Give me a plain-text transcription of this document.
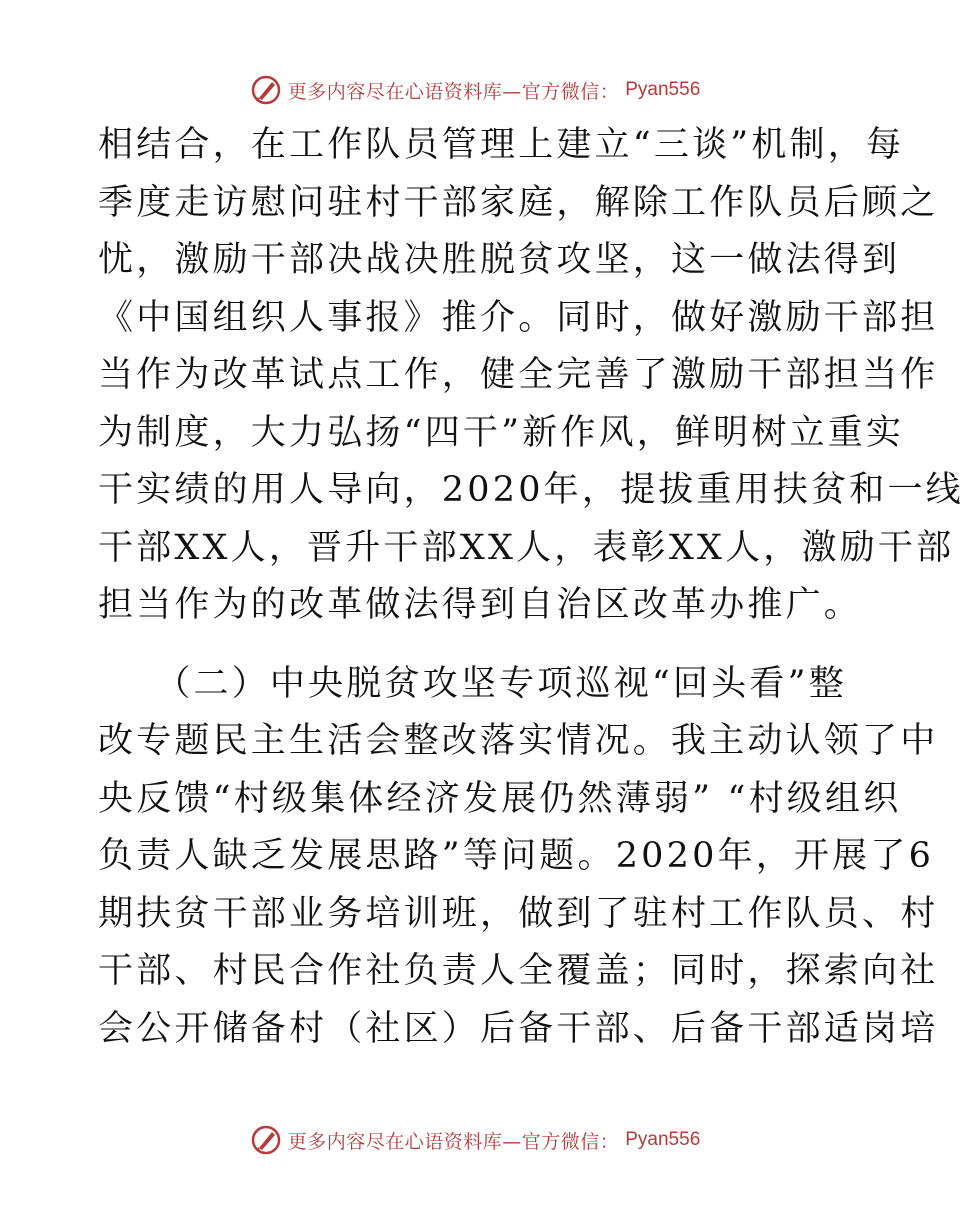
更多内容尽在心语资料库—官方微信： Pyan556
相结合，在工作队员管理上建立“三谈”机制，每
季度走访慰问驻村干部家庭，解除工作队员后顾之
忧，激励干部决战决胜脱贫攻坚，这一做法得到
《中国组织人事报》推介。同时，做好激励干部担
当作为改革试点工作，健全完善了激励干部担当作
为制度，大力弘扬“四干”新作风，鲜明树立重实
干实绩的用人导向，2020年，提拔重用扶贫和一线
干部XX人，晋升干部XX人，表彰XX人，激励干部
担当作为的改革做法得到自治区改革办推广。
（二）中央脱贫攻坚专项巡视“回头看”整
改专题民主生活会整改落实情况。我主动认领了中
央反馈“村级集体经济发展仍然薄弱” “村级组织
负责人缺乏发展思路”等问题。2020年，开展了6
期扶贫干部业务培训班，做到了驻村工作队员、村
干部、村民合作社负责人全覆盖；同时，探索向社
会公开储备村（社区）后备干部、后备干部适岗培
更多内容尽在心语资料库—官方微信： Pyan556
